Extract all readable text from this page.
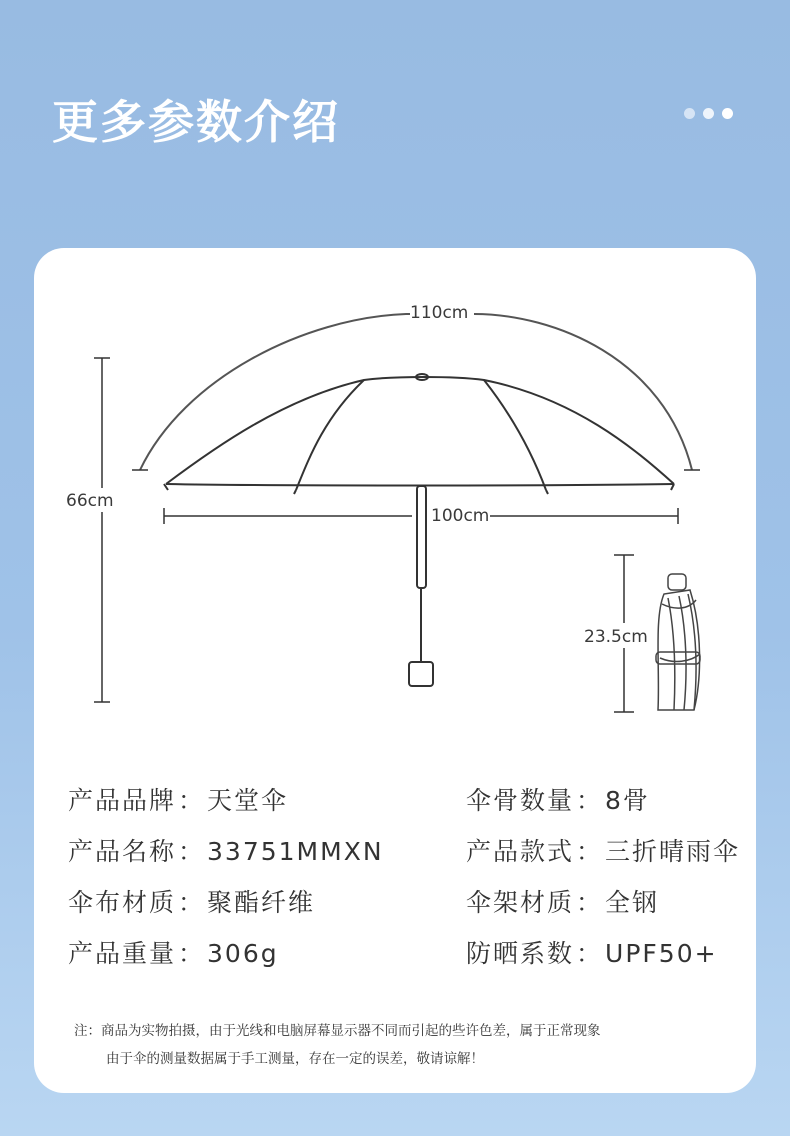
更多参数介绍
110cm
66cm
100cm
23.5cm
产品品牌：天堂伞
产品名称：33751MMXN
伞布材质：聚酯纤维
产品重量：306g
伞骨数量：8骨
产品款式：三折晴雨伞
伞架材质：全钢
防晒系数：UPF50+
注：商品为实物拍摄，由于光线和电脑屏幕显示器不同而引起的些许色差，属于正常现象
由于伞的测量数据属于手工测量，存在一定的误差，敬请谅解！
